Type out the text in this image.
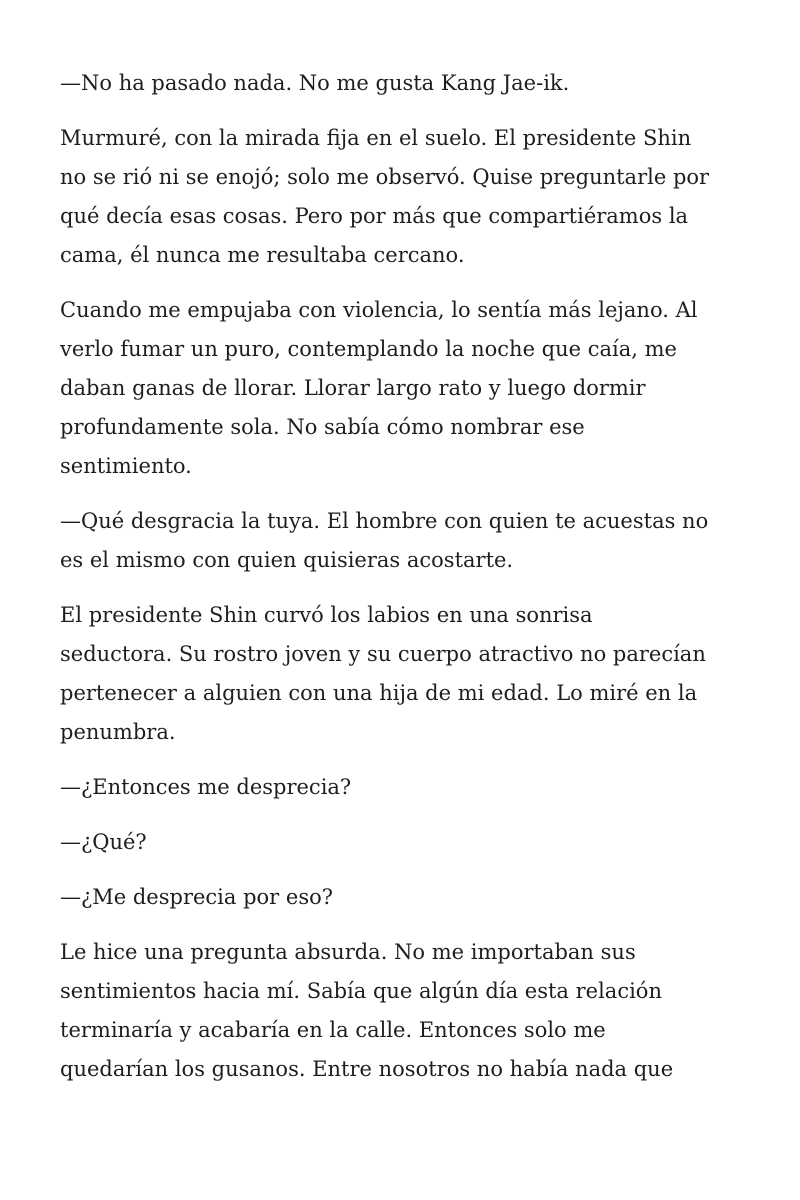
—No ha pasado nada. No me gusta Kang Jae-ik.

Murmuré, con la mirada fija en el suelo. El presidente Shin
no se rió ni se enojó; solo me observó. Quise preguntarle por
qué decía esas cosas. Pero por más que compartiéramos la
cama, él nunca me resultaba cercano.

Cuando me empujaba con violencia, lo sentía más lejano. Al
verlo fumar un puro, contemplando la noche que caía, me
daban ganas de llorar. Llorar largo rato y luego dormir
profundamente sola. No sabía cómo nombrar ese
sentimiento.

—Qué desgracia la tuya. El hombre con quien te acuestas no
es el mismo con quien quisieras acostarte.

El presidente Shin curvó los labios en una sonrisa
seductora. Su rostro joven y su cuerpo atractivo no parecían
pertenecer a alguien con una hija de mi edad. Lo miré en la
penumbra.

—¿Entonces me desprecia?

—¿Qué?

—¿Me desprecia por eso?

Le hice una pregunta absurda. No me importaban sus
sentimientos hacia mí. Sabía que algún día esta relación
terminaría y acabaría en la calle. Entonces solo me
quedarían los gusanos. Entre nosotros no había nada que
